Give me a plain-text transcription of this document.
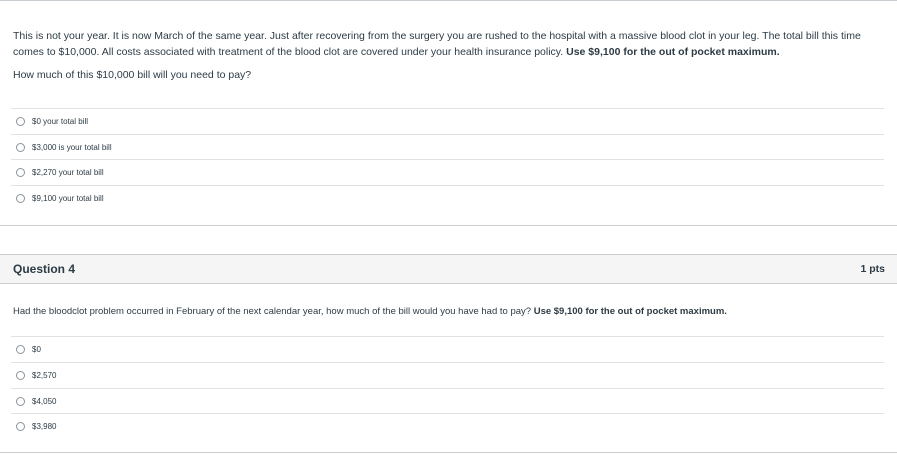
This is not your year. It is now March of the same year. Just after recovering from the surgery you are rushed to the hospital with a massive blood clot in your leg. The total bill this time comes to $10,000. All costs associated with treatment of the blood clot are covered under your health insurance policy. Use $9,100 for the out of pocket maximum.
How much of this $10,000 bill will you need to pay?
$0 your total bill
$3,000 is your total bill
$2,270 your total bill
$9,100 your total bill
Question 4	1 pts
Had the bloodclot problem occurred in February of the next calendar year, how much of the bill would you have had to pay? Use $9,100 for the out of pocket maximum.
$0
$2,570
$4,050
$3,980
